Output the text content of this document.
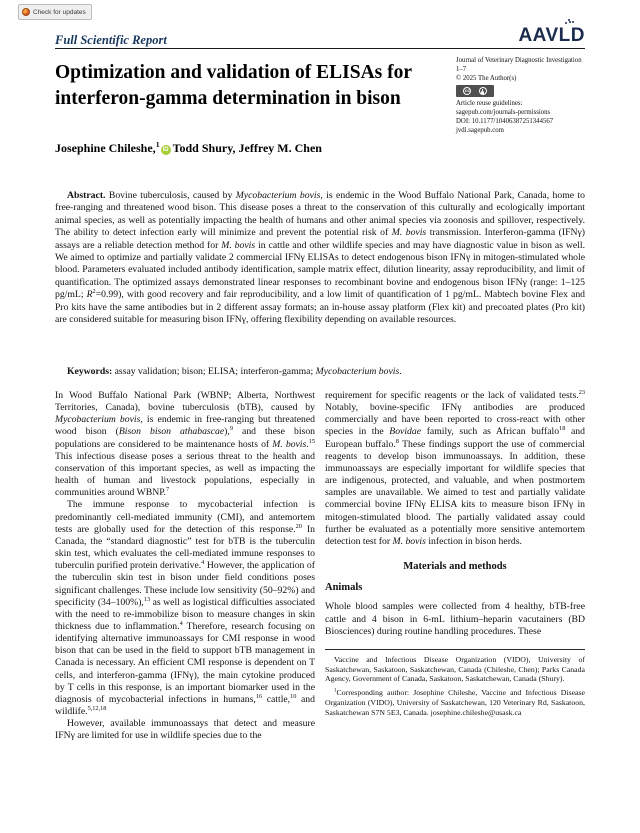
Check for updates
Full Scientific Report	AAVLD
Journal of Veterinary Diagnostic Investigation
1–7
© 2025 The Author(s)
cc
Article reuse guidelines:
sagepub.com/journals-permissions
DOI: 10.1177/10406387251344567
jvdi.sagepub.com
Optimization and validation of ELISAs for
interferon-gamma determination in bison
Josephine Chileshe,$^1$iD Todd Shury, Jeffrey M. Chen

Abstract. Bovine tuberculosis, caused by Mycobacterium bovis, is endemic in the Wood Buffalo National Park, Canada, home to free-ranging and threatened wood bison. This disease poses a threat to the conservation of this culturally and ecologically important animal species, as well as potentially impacting the health of humans and other animal species via zoonosis and spillover, respectively. The ability to detect infection early will minimize and prevent the potential risk of M. bovis transmission. Interferon-gamma (IFNγ) assays are a reliable detection method for M. bovis in cattle and other wildlife species and may have diagnostic value in bison as well. We aimed to optimize and partially validate 2 commercial IFNγ ELISAs to detect endogenous bison IFNγ in mitogen-stimulated whole blood. Parameters evaluated included antibody identification, sample matrix effect, dilution linearity, assay reproducibility, and limit of quantification. The optimized assays demonstrated linear responses to recombinant bovine and endogenous bison IFNγ (range: 1–125 pg/mL; $R^2=0.99$), with good recovery and fair reproducibility, and a low limit of quantification of 1 pg/mL. Mabtech bovine Flex and Pro kits have the same antibodies but in 2 different assay formats; an in-house assay platform (Flex kit) and precoated plates (Pro kit) are considered suitable for measuring bison IFNγ, offering flexibility depending on available resources.

Keywords: assay validation; bison; ELISA; interferon-gamma; Mycobacterium bovis.

In Wood Buffalo National Park (WBNP; Alberta, Northwest Territories, Canada), bovine tuberculosis (bTB), caused by Mycobacterium bovis, is endemic in free-ranging but threatened wood bison (Bison bison athabascae),$^9$ and these bison populations are considered to be maintenance hosts of M. bovis.$^{15}$ This infectious disease poses a serious threat to the health and conservation of this important species, as well as impacting the health of human and livestock populations, especially in communities around WBNP.$^7$

The immune response to mycobacterial infection is predominantly cell-mediated immunity (CMI), and antemortem tests are globally used for the detection of this response.$^{20}$ In Canada, the “standard diagnostic” test for bTB is the tuberculin skin test, which evaluates the cell-mediated immune responses to tuberculin purified protein derivative.$^4$ However, the application of the tuberculin skin test in bison under field conditions poses significant challenges. These include low sensitivity (50–92%) and specificity (34–100%),$^{13}$ as well as logistical difficulties associated with the need to re-immobilize bison to measure changes in skin thickness due to inflammation.$^4$ Therefore, research focusing on identifying alternative immunoassays for CMI response in wood bison that can be used in the field to support bTB management in Canada is necessary. An efficient CMI response is dependent on T cells, and interferon-gamma (IFNγ), the main cytokine produced by T cells in this response, is an important biomarker used in the diagnosis of mycobacterial infections in humans,$^{16}$ cattle,$^{10}$ and wildlife.$^{5,12,18}$

However, available immunoassays that detect and measure IFNγ are limited for use in wildlife species due to the

requirement for specific reagents or the lack of validated tests.$^{23}$ Notably, bovine-specific IFNγ antibodies are produced commercially and have been reported to cross-react with other species in the Bovidae family, such as African buffalo$^{18}$ and European buffalo.$^8$ These findings support the use of commercial reagents to develop bison immunoassays. In addition, these immunoassays are especially important for wildlife species that are indigenous, protected, and valuable, and when postmortem samples are unavailable. We aimed to test and partially validate commercial bovine IFNγ ELISA kits to measure bison IFNγ in mitogen-stimulated blood. The partially validated assay could further be evaluated as a potentially more sensitive antemortem detection test for M. bovis infection in bison herds.

Materials and methods
Animals

Whole blood samples were collected from 4 healthy, bTB-free cattle and 4 bison in 6-mL lithium–heparin vacutainers (BD Biosciences) during routine handling procedures. These

Vaccine and Infectious Disease Organization (VIDO), University of Saskatchewan, Saskatoon, Saskatchewan, Canada (Chileshe, Chen); Parks Canada Agency, Government of Canada, Saskatoon, Saskatchewan, Canada (Shury).

$^1$Corresponding author: Josephine Chileshe, Vaccine and Infectious Disease Organization (VIDO), University of Saskatchewan, 120 Veterinary Rd, Saskatoon, Saskatchewan S7N 5E3, Canada. josephine.chileshe@usask.ca
